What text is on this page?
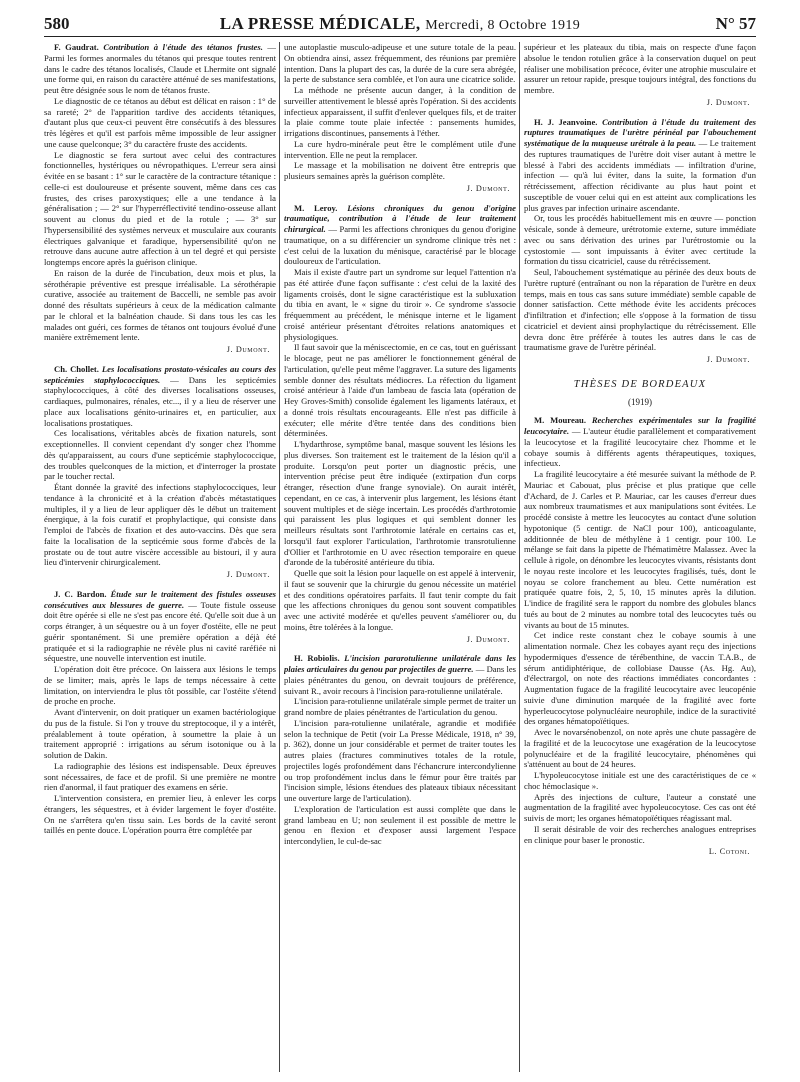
580	LA PRESSE MÉDICALE, Mercredi, 8 Octobre 1919	N° 57

F. Gaudrat. Contribution à l'étude des tétanos frustes. — Parmi les formes anormales du tétanos qui presque toutes rentrent dans le cadre des tétanos localisés, Claude et Lhermite ont signalé une forme qui, en raison du caractère atténué de ses manifestations, peut être désignée sous le nom de tétanos fruste.

Le diagnostic de ce tétanos au début est délicat en raison : 1° de sa rareté; 2° de l'apparition tardive des accidents tétaniques, d'autant plus que ceux-ci peuvent être consécutifs à des blessures très légères et qu'il est parfois même impossible de leur assigner une cause quelconque; 3° du caractère fruste des accidents.

Le diagnostic se fera surtout avec celui des contractures fonctionnelles, hystériques ou névropathiques. L'erreur sera ainsi évitée en se basant : 1° sur le caractère de la contracture tétanique : celle-ci est douloureuse et présente souvent, même dans ces cas frustes, des crises paroxystiques; elle a une tendance à la généralisation ; — 2° sur l'hyperréflectivité tendino-osseuse allant souvent au clonus du pied et de la rotule ; — 3° sur l'hypersensibilité des systèmes nerveux et musculaire aux courants électriques galvanique et faradique, hypersensibilité qu'on ne retrouve dans aucune autre affection à un tel degré et qui persiste longtemps encore après la guérison clinique.

En raison de la durée de l'incubation, deux mois et plus, la sérothérapie préventive est presque irréalisable. La sérothérapie curative, associée au traitement de Baccelli, ne semble pas avoir donné des résultats supérieurs à ceux de la médication calmante par le chloral et la balnéation chaude. Si dans tous les cas les malades ont guéri, ces formes de tétanos ont toujours évolué d'une manière extrêmement lente.

J. Dumont.

Ch. Chollet. Les localisations prostato-vésicales au cours des septicémies staphylococciques. — Dans les septicémies staphylococciques, à côté des diverses localisations osseuses, cardiaques, pulmonaires, rénales, etc..., il y a lieu de réserver une place aux localisations génito-urinaires et, en particulier, aux localisations prostatiques.

Ces localisations, véritables abcès de fixation naturels, sont exceptionnelles. Il convient cependant d'y songer chez l'homme dès qu'apparaissent, au cours d'une septicémie staphylococcique, des troubles quelconques de la miction, et d'interroger la prostate par le toucher rectal.

Étant donnée la gravité des infections staphylococciques, leur tendance à la chronicité et à la création d'abcès métastatiques multiples, il y a lieu de leur appliquer dès le début un traitement énergique, à la fois curatif et prophylactique, qui consiste dans l'emploi de l'abcès de fixation et des auto-vaccins. Dès que sera faite la localisation de la septicémie sous forme d'abcès de la prostate ou de tout autre viscère accessible au bistouri, il y aura lieu d'intervenir chirurgicalement.

J. Dumont.

J. C. Bardon. Étude sur le traitement des fistules osseuses consécutives aux blessures de guerre. — Toute fistule osseuse doit être opérée si elle ne s'est pas encore été. Qu'elle soit due à un corps étranger, à un séquestre ou à un foyer d'ostéite, elle ne peut guérir spontanément. Si une première opération a déjà été pratiquée et si la radiographie ne révèle plus ni cavité raréfiée ni séquestre, une nouvelle intervention est inutile.

L'opération doit être précoce. On laissera aux lésions le temps de se limiter; mais, après le laps de temps nécessaire à cette limitation, on interviendra le plus tôt possible, car l'ostéite s'étend de proche en proche.

Avant d'intervenir, on doit pratiquer un examen bactériologique du pus de la fistule. Si l'on y trouve du streptocoque, il y a intérêt, préalablement à toute opération, à soumettre la plaie à un traitement approprié : irrigations au sérum isotonique ou à la solution de Dakin.

La radiographie des lésions est indispensable. Deux épreuves sont nécessaires, de face et de profil. Si une première ne montre rien d'anormal, il faut pratiquer des examens en série.

L'intervention consistera, en premier lieu, à enlever les corps étrangers, les séquestres, et à évider largement le foyer d'ostéite. On ne s'arrêtera qu'en tissu sain. Les bords de la cavité seront taillés en pente douce. L'opération pourra être complétée par

une autoplastie musculo-adipeuse et une suture totale de la peau. On obtiendra ainsi, assez fréquemment, des réunions par première intention. Dans la plupart des cas, la durée de la cure sera abrégée, la perte de substance sera comblée, et l'on aura une cicatrice solide.

La méthode ne présente aucun danger, à la condition de surveiller attentivement le blessé après l'opération. Si des accidents infectieux apparaissent, il suffit d'enlever quelques fils, et de traiter la plaie comme toute plaie infectée : pansements humides, irrigations discontinues, pansements à l'éther.

La cure hydro-minérale peut être le complément utile d'une intervention. Elle ne peut la remplacer.

Le massage et la mobilisation ne doivent être entrepris que plusieurs semaines après la guérison complète.

J. Dumont.

M. Leroy. Lésions chroniques du genou d'origine traumatique, contribution à l'étude de leur traitement chirurgical. — Parmi les affections chroniques du genou d'origine traumatique, on a su différencier un syndrome clinique très net : c'est celui de la luxation du ménisque, caractérisé par le blocage douloureux de l'articulation.

Mais il existe d'autre part un syndrome sur lequel l'attention n'a pas été attirée d'une façon suffisante : c'est celui de la laxité des ligaments croisés, dont le signe caractéristique est la subluxation du tibia en avant, le « signe du tiroir ». Ce syndrome s'associe fréquemment au précédent, le ménisque interne et le ligament croisé antérieur présentant d'étroites relations anatomiques et physiologiques.

Il faut savoir que la méniscectomie, en ce cas, tout en guérissant le blocage, peut ne pas améliorer le fonctionnement général de l'articulation, qu'elle peut même l'aggraver. La suture des ligaments semble donner des résultats médiocres. La réfection du ligament croisé antérieur à l'aide d'un lambeau de fascia lata (opération de Hey Groves-Smith) consolide également les ligaments latéraux, et a donné trois résultats encourageants. Elle n'est pas difficile à exécuter; elle mérite d'être tentée dans des conditions bien déterminées.

L'hydarthrose, symptôme banal, masque souvent les lésions les plus diverses. Son traitement est le traitement de la lésion qu'il a produite. Lorsqu'on peut porter un diagnostic précis, une intervention précise peut être indiquée (extirpation d'un corps étranger, résection d'une frange synoviale). On aurait intérêt, cependant, en ce cas, à intervenir plus largement, les lésions étant souvent multiples et de siège incertain. Les procédés d'arthrotomie qui paraissent les plus logiques et qui semblent donner les meilleurs résultats sont l'arthrotomie latérale en certains cas et, lorsqu'il faut explorer l'articulation, l'arthrotomie transrotulienne d'Ollier et l'arthrotomie en U avec résection temporaire en queue d'aronde de la tubérosité antérieure du tibia.

Quelle que soit la lésion pour laquelle on est appelé à intervenir, il faut se souvenir que la chirurgie du genou nécessite un matériel et des conditions opératoires parfaits. Il faut tenir compte du fait que les affections chroniques du genou sont souvent compatibles avec une activité modérée et qu'elles peuvent s'améliorer ou, du moins, être tolérées à la longue.

J. Dumont.

H. Robiolis. L'incision pararotulienne unilatérale dans les plaies articulaires du genou par projectiles de guerre. — Dans les plaies pénétrantes du genou, on devrait toujours de préférence, suivant R., avoir recours à l'incision para-rotulienne unilatérale.

L'incision para-rotulienne unilatérale simple permet de traiter un grand nombre de plaies pénétrantes de l'articulation du genou.

L'incision para-rotulienne unilatérale, agrandie et modifiée selon la technique de Petit (voir La Presse Médicale, 1918, n° 39, p. 362), donne un jour considérable et permet de traiter toutes les autres plaies (fractures comminutives totales de la rotule, projectiles logés profondément dans l'échancrure intercondylienne ou trop profondément inclus dans le fémur pour être traités par l'incision simple, lésions étendues des plateaux tibiaux nécessitant une ouverture large de l'articulation).

L'exploration de l'articulation est aussi complète que dans le grand lambeau en U; non seulement il est possible de mettre le genou en flexion et d'exposer aussi largement l'espace intercondylien, le cul-de-sac

supérieur et les plateaux du tibia, mais on respecte d'une façon absolue le tendon rotulien grâce à la conservation duquel on peut réaliser une mobilisation précoce, éviter une atrophie musculaire et assurer un retour rapide, presque toujours intégral, des fonctions du membre.

J. Dumont.

H. J. Jeanvoine. Contribution à l'étude du traitement des ruptures traumatiques de l'urètre périnéal par l'abouchement systématique de la muqueuse urétrale à la peau. — Le traitement des ruptures traumatiques de l'urètre doit viser autant à mettre le blessé à l'abri des accidents immédiats — infiltration d'urine, infection — qu'à lui éviter, dans la suite, la formation d'un rétrécissement, affection récidivante au plus haut point et susceptible de vouer celui qui en est atteint aux complications les plus graves par infection urinaire ascendante.

Or, tous les procédés habituellement mis en œuvre — ponction vésicale, sonde à demeure, urétrotomie externe, suture immédiate avec ou sans dérivation des urines par l'urétrostomie ou la cystostomie — sont impuissants à éviter avec certitude la formation du tissu cicatriciel, cause du rétrécissement.

Seul, l'abouchement systématique au périnée des deux bouts de l'urètre rupturé (entraînant ou non la réparation de l'urètre en deux temps, mais en tous cas sans suture immédiate) semble capable de donner satisfaction. Cette méthode évite les accidents précoces d'infiltration et d'infection; elle s'oppose à la formation de tissu cicatriciel et devient ainsi prophylactique du rétrécissement. Elle devra donc être préférée à toutes les autres dans le cas de traumatisme grave de l'urètre périnéal.

J. Dumont.
THÈSES DE BORDEAUX
(1919)

M. Moureau. Recherches expérimentales sur la fragilité leucocytaire. — L'auteur étudie parallèlement et comparativement la leucocytose et la fragilité leucocytaire chez l'homme et le cobaye soumis à différents agents thérapeutiques, toxiques, infectieux.

La fragilité leucocytaire a été mesurée suivant la méthode de P. Mauriac et Cabouat, plus précise et plus pratique que celle d'Achard, de J. Carles et P. Mauriac, car les causes d'erreur dues aux nombreux traumatismes et aux manipulations sont évitées. Le procédé consiste à mettre les leucocytes au contact d'une solution hypotonique (5 centigr. de NaCl pour 100), anticoagulante, additionnée de bleu de méthylène à 1 centigr. pour 100. Le mélange se fait dans la pipette de l'hématimètre Malassez. Avec la cellule à rigole, on dénombre les leucocytes vivants, résistants dont le noyau reste incolore et les leucocytes fragilisés, tués, dont le noyau se colore franchement au bleu. Cette numération est pratiquée quatre fois, 2, 5, 10, 15 minutes après la dilution. L'indice de fragilité sera le rapport du nombre des globules blancs tués au bout de 2 minutes au nombre total des leucocytes tués ou vivants au bout de 15 minutes.

Cet indice reste constant chez le cobaye soumis à une alimentation normale. Chez les cobayes ayant reçu des injections hypodermiques d'essence de térébenthine, de vaccin T.A.B., de sérum antidiphtérique, de collobiase Dausse (As. Hg. Au), d'électrargol, on note des réactions immédiates concordantes : Augmentation fugace de la fragilité leucocytaire avec leucopénie suivie d'une diminution marquée de la fragilité avec forte hyperleucocytose polynucléaire neurophile, indice de la suractivité des organes hématopoïétiques.

Avec le novarsénobenzol, on note après une chute passagère de la fragilité et de la leucocytose une exagération de la leucocytose polynucléaire et de la fragilité leucocytaire, phénomènes qui s'atténuent au bout de 24 heures.

L'hypoleucocytose initiale est une des caractéristiques de ce « choc hémoclasique ».

Après des injections de culture, l'auteur a constaté une augmentation de la fragilité avec hypoleucocytose. Ces cas ont été suivis de mort; les organes hématopoïétiques réagissant mal.

Il serait désirable de voir des recherches analogues entreprises en clinique pour baser le pronostic.

L. Cotoni.
